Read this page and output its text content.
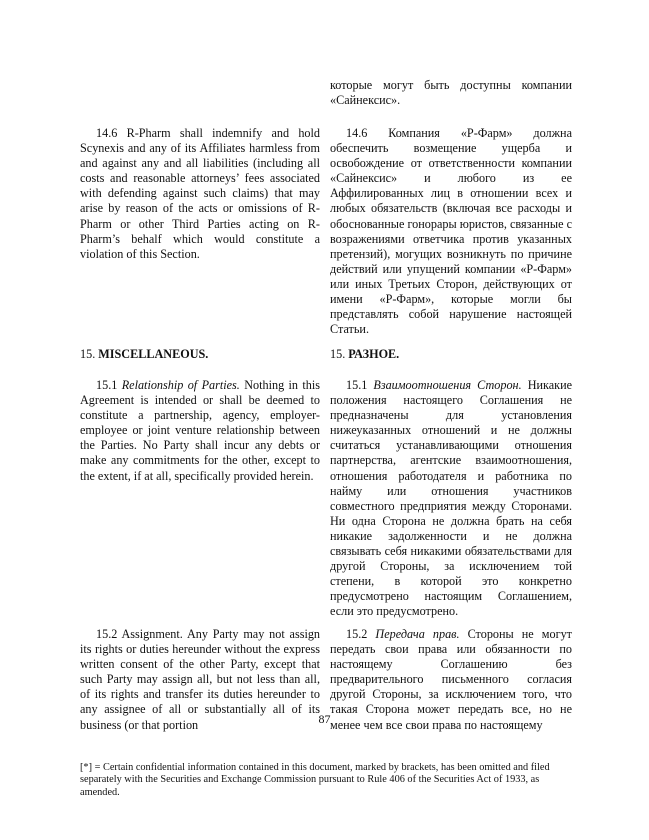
которые могут быть доступны компании «Сайнексис».

14.6 R-Pharm shall indemnify and hold Scynexis and any of its Affiliates harmless from and against any and all liabilities (including all costs and reasonable attorneys’ fees associated with defending against such claims) that may arise by reason of the acts or omissions of R-Pharm or other Third Parties acting on R-Pharm’s behalf which would constitute a violation of this Section.

14.6 Компания «Р-Фарм» должна обеспечить возмещение ущерба и освобождение от ответственности компании «Сайнексис» и любого из ее Аффилированных лиц в отношении всех и любых обязательств (включая все расходы и обоснованные гонорары юристов, связанные с возражениями ответчика против указанных претензий), могущих возникнуть по причине действий или упущений компании «Р-Фарм» или иных Третьих Сторон, действующих от имени «Р-Фарм», которые могли бы представлять собой нарушение настоящей Статьи.

15. MISCELLANEOUS.	15. РАЗНОЕ.

15.1 Relationship of Parties. Nothing in this Agreement is intended or shall be deemed to constitute a partnership, agency, employer-employee or joint venture relationship between the Parties. No Party shall incur any debts or make any commitments for the other, except to the extent, if at all, specifically provided herein.

15.1 Взаимоотношения Сторон. Никакие положения настоящего Соглашения не предназначены для установления нижеуказанных отношений и не должны считаться устанавливающими отношения партнерства, агентские взаимоотношения, отношения работодателя и работника по найму или отношения участников совместного предприятия между Сторонами. Ни одна Сторона не должна брать на себя никакие задолженности и не должна связывать себя никакими обязательствами для другой Стороны, за исключением той степени, в которой это конкретно предусмотрено настоящим Соглашением, если это предусмотрено.

15.2 Assignment. Any Party may not assign its rights or duties hereunder without the express written consent of the other Party, except that such Party may assign all, but not less than all, of its rights and transfer its duties hereunder to any assignee of all or substantially all of its business (or that portion

15.2 Передача прав. Стороны не могут передать свои права или обязанности по настоящему Соглашению без предварительного письменного согласия другой Стороны, за исключением того, что такая Сторона может передать все, но не менее чем все свои права по настоящему

87
[*] = Certain confidential information contained in this document, marked by brackets, has been omitted and filed separately with the Securities and Exchange Commission pursuant to Rule 406 of the Securities Act of 1933, as amended.
